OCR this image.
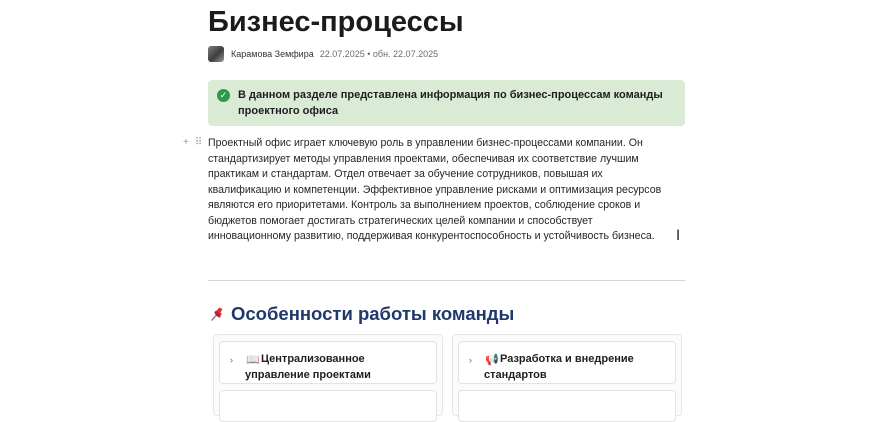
Бизнес-процессы
Карамова Земфира 22.07.2025 • обн. 22.07.2025
✓ В данном разделе представлена информация по бизнес-процессам команды проектного офиса
+ ⠿ Проектный офис играет ключевую роль в управлении бизнес-процессами компании. Он стандартизирует методы управления проектами, обеспечивая их соответствие лучшим практикам и стандартам. Отдел отвечает за обучение сотрудников, повышая их квалификацию и компетенции. Эффективное управление рисками и оптимизация ресурсов являются его приоритетами. Контроль за выполнением проектов, соблюдение сроков и бюджетов помогает достигать стратегических целей компании и способствует инновационному развитию, поддерживая конкурентоспособность и устойчивость бизнеса.	I
Особенности работы команды
› 📖 Централизованное управление проектами
› 📢 Разработка и внедрение стандартов
